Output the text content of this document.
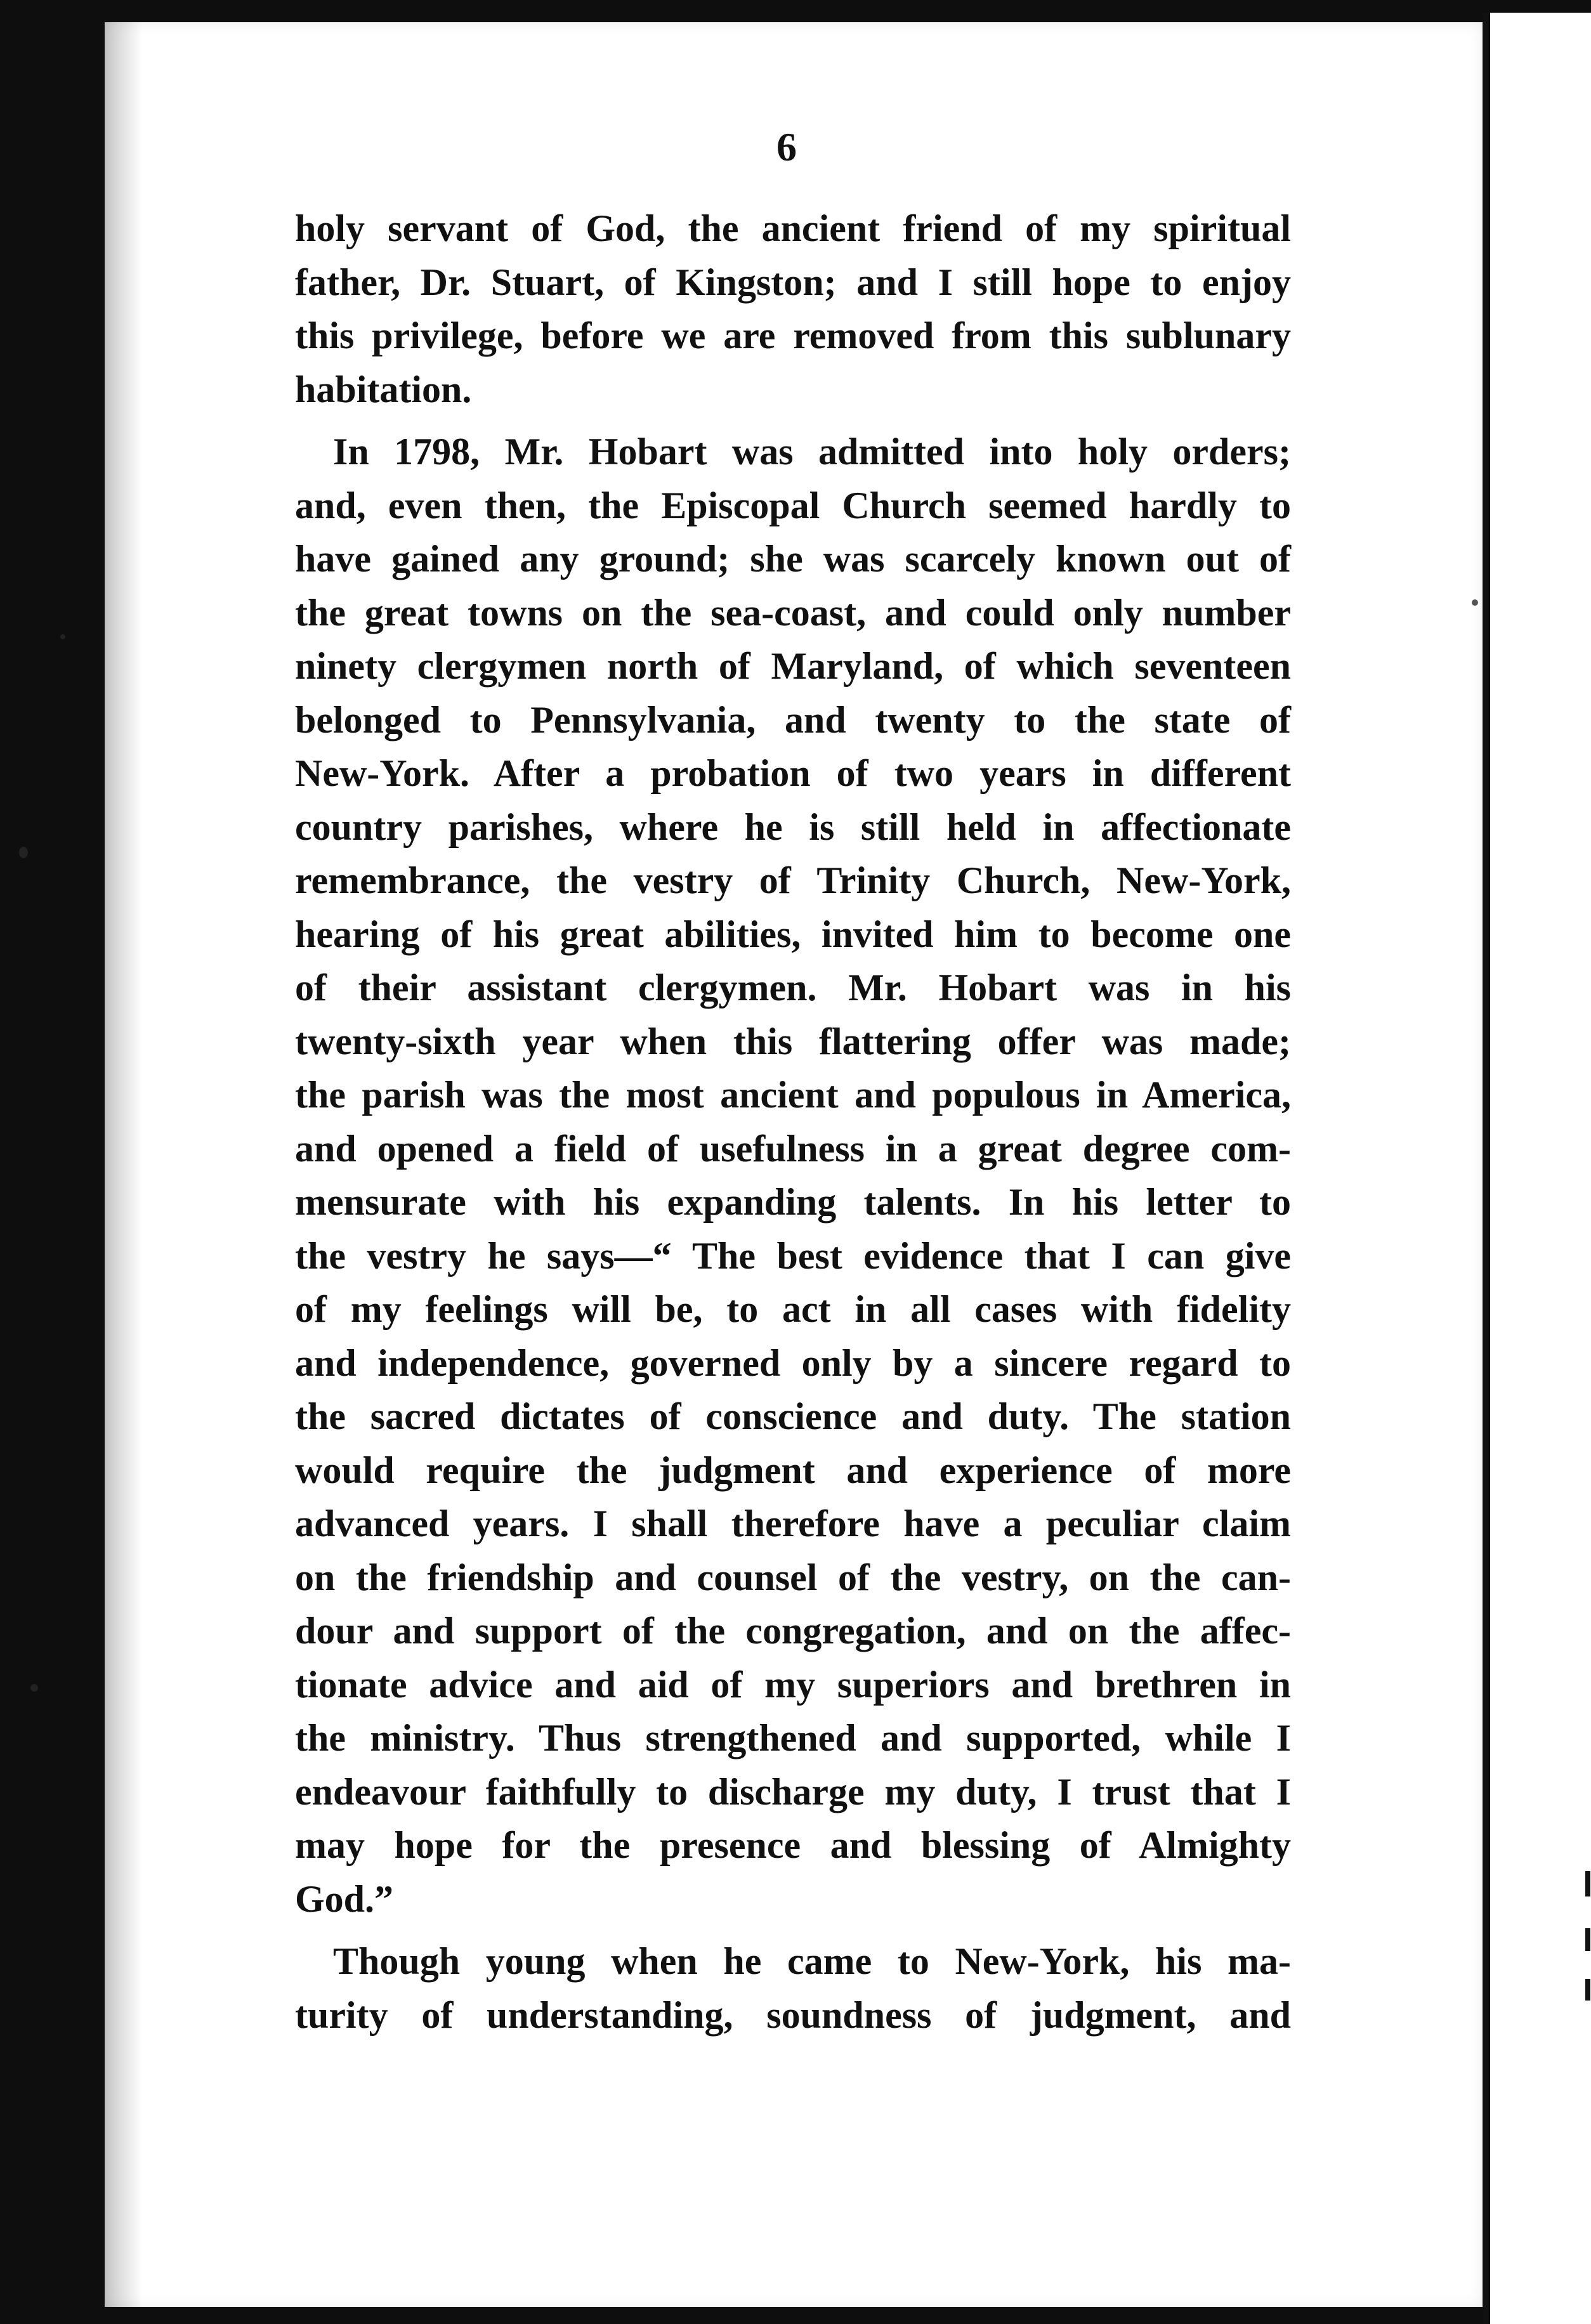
6
holy servant of God, the ancient friend of my spiritual
father, Dr. Stuart, of Kingston; and I still hope to enjoy
this privilege, before we are removed from this sublunary
habitation.
In 1798, Mr. Hobart was admitted into holy orders;
and, even then, the Episcopal Church seemed hardly to
have gained any ground; she was scarcely known out of
the great towns on the sea-coast, and could only number
ninety clergymen north of Maryland, of which seventeen
belonged to Pennsylvania, and twenty to the state of
New-York. After a probation of two years in different
country parishes, where he is still held in affectionate
remembrance, the vestry of Trinity Church, New-York,
hearing of his great abilities, invited him to become one
of their assistant clergymen. Mr. Hobart was in his
twenty-sixth year when this flattering offer was made;
the parish was the most ancient and populous in America,
and opened a field of usefulness in a great degree com-
mensurate with his expanding talents. In his letter to
the vestry he says—“ The best evidence that I can give
of my feelings will be, to act in all cases with fidelity
and independence, governed only by a sincere regard to
the sacred dictates of conscience and duty. The station
would require the judgment and experience of more
advanced years. I shall therefore have a peculiar claim
on the friendship and counsel of the vestry, on the can-
dour and support of the congregation, and on the affec-
tionate advice and aid of my superiors and brethren in
the ministry. Thus strengthened and supported, while I
endeavour faithfully to discharge my duty, I trust that I
may hope for the presence and blessing of Almighty
God.”
Though young when he came to New-York, his ma-
turity of understanding, soundness of judgment, and
